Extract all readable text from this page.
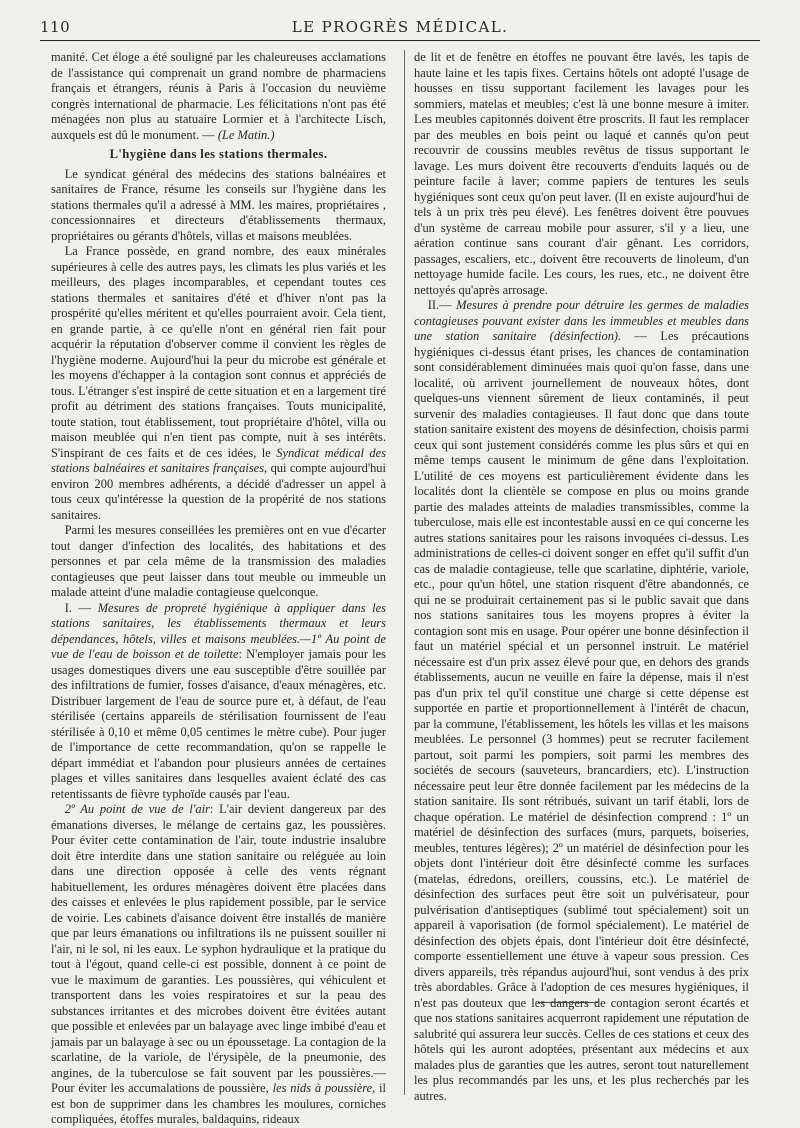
110	LE PROGRÈS MÉDICAL.

manité. Cet éloge a été souligné par les chaleureuses acclamations de l'assistance qui comprenait un grand nombre de pharmaciens français et étrangers, réunis à Paris à l'occasion du neuvième congrès international de pharmacie. Les félicitations n'ont pas été ménagées non plus au statuaire Lormier et à l'architecte Lisch, auxquels est dû le monument. — (Le Matin.)

L'hygiène dans les stations thermales.

Le syndicat général des médecins des stations balnéaires et sanitaires de France, résume les conseils sur l'hygiène dans les stations thermales qu'il a adressé à MM. les maires, propriétaires , concessionnaires et directeurs d'établissements thermaux, propriétaires ou gérants d'hôtels, villas et maisons meublées.

La France possède, en grand nombre, des eaux minérales supérieures à celle des autres pays, les climats les plus variés et les meilleurs, des plages incomparables, et cependant toutes ces stations thermales et sanitaires d'été et d'hiver n'ont pas la prospérité qu'elles méritent et qu'elles pourraient avoir. Cela tient, en grande partie, à ce qu'elle n'ont en général rien fait pour acquérir la réputation d'observer comme il convient les règles de l'hygiène moderne. Aujourd'hui la peur du microbe est générale et les moyens d'échapper à la contagion sont connus et appréciés de tous. L'étranger s'est inspiré de cette situation et en a largement tiré profit au détriment des stations françaises. Touts municipalité, toute station, tout établissement, tout propriétaire d'hôtel, villa ou maison meublée qui n'en tient pas compte, nuit à ses intérêts. S'inspirant de ces faits et de ces idées, le Syndicat médical des stations balnéaires et sanitaires françaises, qui compte aujourd'hui environ 200 membres adhérents, a décidé d'adresser un appel à tous ceux qu'intéresse la question de la propérité de nos stations sanitaires.

Parmi les mesures conseillées les premières ont en vue d'écarter tout danger d'infection des localités, des habitations et des personnes et par cela même de la transmission des maladies contagieuses que peut laisser dans tout meuble ou immeuble un malade atteint d'une maladie contagieuse quelconque.

I. — Mesures de propreté hygiénique à appliquer dans les stations sanitaires, les établissements thermaux et leurs dépendances, hôtels, villes et maisons meublées.—1º Au point de vue de l'eau de boisson et de toilette: N'employer jamais pour les usages domestiques divers une eau susceptible d'être souillée par des infiltrations de fumier, fosses d'aisance, d'eaux ménagères, etc. Distribuer largement de l'eau de source pure et, à défaut, de l'eau stérilisée (certains appareils de stérilisation fournissent de l'eau stérilisée à 0,10 et même 0,05 centimes le mètre cube). Pour juger de l'importance de cette recommandation, qu'on se rappelle le départ immédiat et l'abandon pour plusieurs années de certaines plages et villes sanitaires dans lesquelles avaient éclaté des cas retentissants de fièvre typhoïde causés par l'eau.

2º Au point de vue de l'air: L'air devient dangereux par des émanations diverses, le mélange de certains gaz, les poussières. Pour éviter cette contamination de l'air, toute industrie insalubre doit être interdite dans une station sanitaire ou reléguée au loin dans une direction opposée à celle des vents régnant habituellement, les ordures ménagères doivent être placées dans des caisses et enlevées le plus rapidement possible, par le service de voirie. Les cabinets d'aisance doivent être installés de manière que par leurs émanations ou infiltrations ils ne puissent souiller ni l'air, ni le sol, ni les eaux. Le syphon hydraulique et la pratique du tout à l'égout, quand celle-ci est possible, donnent à ce point de vue le maximum de garanties. Les poussières, qui véhiculent et transportent dans les voies respiratoires et sur la peau des substances irritantes et des microbes doivent être évitées autant que possible et enlevées par un balayage avec linge imbibé d'eau et jamais par un balayage à sec ou un époussetage. La contagion de la scarlatine, de la variole, de l'érysipèle, de la pneumonie, des angines, de la tuberculose se fait souvent par les poussières.— Pour éviter les accumalations de poussière, les nids à poussière, il est bon de supprimer dans les chambres les moulures, corniches compliquées, étoffes murales, baldaquins, rideaux

de lit et de fenêtre en étoffes ne pouvant être lavés, les tapis de haute laine et les tapis fixes. Certains hôtels ont adopté l'usage de housses en tissu supportant facilement les lavages pour les sommiers, matelas et meubles; c'est là une bonne mesure à imiter. Les meubles capitonnés doivent être proscrits. Il faut les remplacer par des meubles en bois peint ou laqué et cannés qu'on peut recouvrir de coussins meubles revêtus de tissus supportant le lavage. Les murs doivent être recouverts d'enduits laqués ou de peinture facile à laver; comme papiers de tentures les seuls hygiéniques sont ceux qu'on peut laver. (Il en existe aujourd'hui de tels à un prix très peu élevé). Les fenêtres doivent être pouvues d'un système de carreau mobile pour assurer, s'il y a lieu, une aération continue sans courant d'air gênant. Les corridors, passages, escaliers, etc., doivent être recouverts de linoleum, d'un nettoyage humide facile. Les cours, les rues, etc., ne doivent être nettoyés qu'après arrosage.

II.— Mesures à prendre pour détruire les germes de maladies contagieuses pouvant exister dans les immeubles et meubles dans une station sanitaire (désinfection). — Les précautions hygiéniques ci-dessus étant prises, les chances de contamination sont considérablement diminuées mais quoi qu'on fasse, dans une localité, où arrivent journellement de nouveaux hôtes, dont quelques-uns viennent sûrement de lieux contaminés, il peut survenir des maladies contagieuses. Il faut donc que dans toute station sanitaire existent des moyens de désinfection, choisis parmi ceux qui sont justement considérés comme les plus sûrs et qui en même temps causent le minimum de gêne dans l'exploitation. L'utilité de ces moyens est particulièrement évidente dans les localités dont la clientèle se compose en plus ou moins grande partie des malades atteints de maladies transmissibles, comme la tuberculose, mais elle est incontestable aussi en ce qui concerne les autres stations sanitaires pour les raisons invoquées ci-dessus. Les administrations de celles-ci doivent songer en effet qu'il suffit d'un cas de maladie contagieuse, telle que scarlatine, diphtérie, variole, etc., pour qu'un hôtel, une station risquent d'être abandonnés, ce qui ne se produirait certainement pas si le public savait que dans nos stations sanitaires tous les moyens propres à éviter la contagion sont mis en usage. Pour opérer une bonne désinfection il faut un matériel spécial et un personnel instruit. Le matériel nécessaire est d'un prix assez élevé pour que, en dehors des grands établissements, aucun ne veuille en faire la dépense, mais il n'est pas d'un prix tel qu'il constitue une charge si cette dépense est supportée en partie et proportionnellement à l'intérêt de chacun, par la commune, l'établissement, les hôtels les villas et les maisons meublées. Le personnel (3 hommes) peut se recruter facilement partout, soit parmi les pompiers, soit parmi les membres des sociétés de secours (sauveteurs, brancardiers, etc). L'instruction nécessaire peut leur être donnée facilement par les médecins de la station sanitaire. Ils sont rétribués, suivant un tarif établi, lors de chaque opération. Le matériel de désinfection comprend : 1º un matériel de désinfection des surfaces (murs, parquets, boiseries, meubles, tentures légères); 2º un matériel de désinfection pour les objets dont l'intérieur doit être désinfecté comme les surfaces (matelas, édredons, oreillers, coussins, etc.). Le matériel de désinfection des surfaces peut être soit un pulvérisateur, pour pulvérisation d'antiseptiques (sublimé tout spécialement) soit un appareil à vaporisation (de formol spécialement). Le matériel de désinfection des objets épais, dont l'intérieur doit être désinfecté, comporte essentiellement une étuve à vapeur sous pression. Ces divers appareils, très répandus aujourd'hui, sont vendus à des prix très abordables. Grâce à l'adoption de ces mesures hygiéniques, il n'est pas douteux que les dangers de contagion seront écartés et que nos stations sanitaires acquerront rapidement une réputation de salubrité qui assurera leur succès. Celles de ces stations et ceux des hôtels qui les auront adoptées, présentant aux médecins et aux malades plus de garanties que les autres, seront tout naturellement les plus recommandés par les uns, et les plus recherchés par les autres.
